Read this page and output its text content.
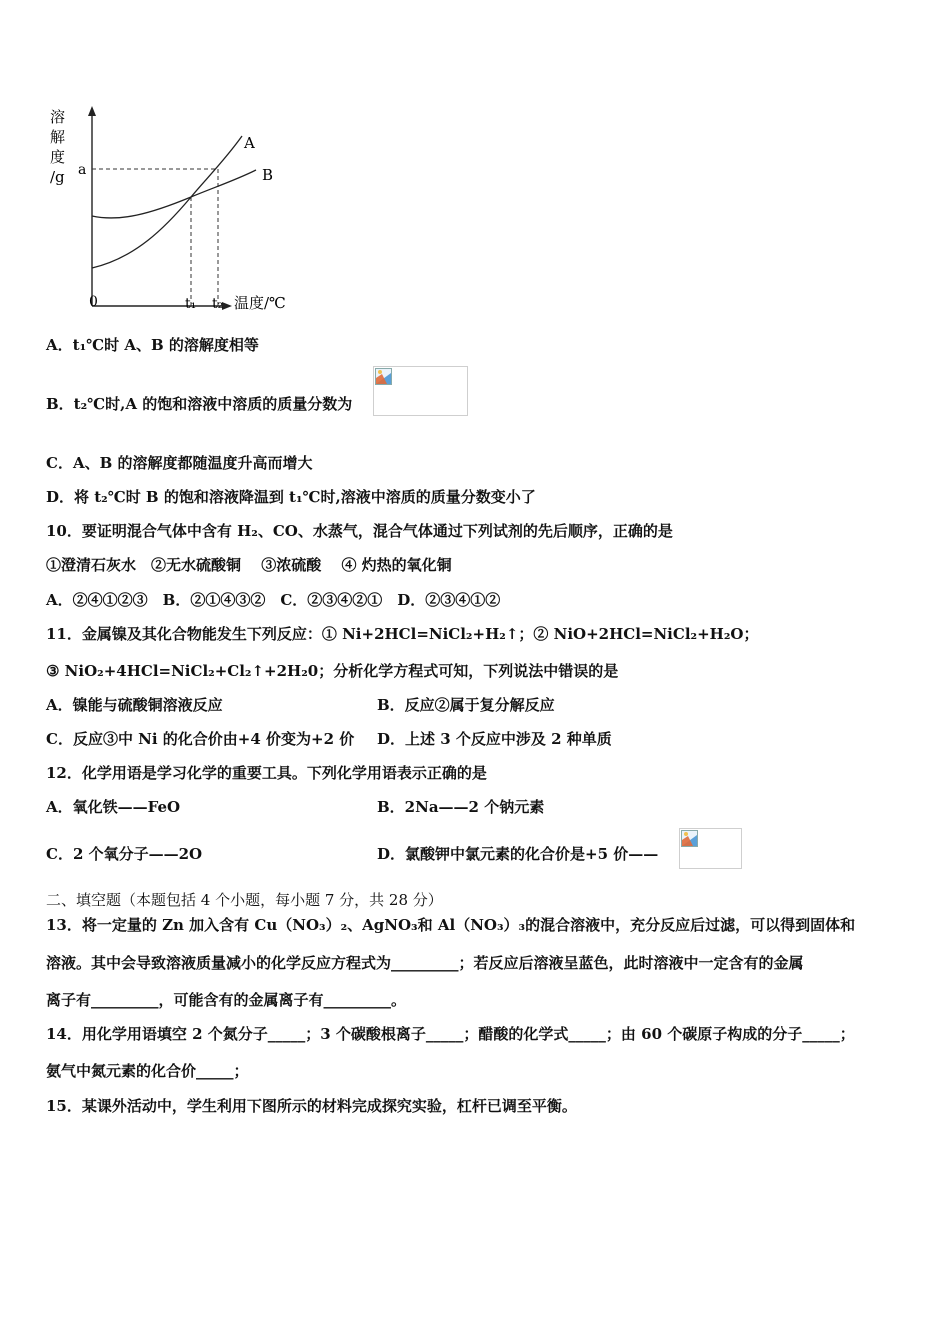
溶
解
度
/g a
A
B
0	t₁ t₂ 温度/℃
A．t₁℃时 A、B 的溶解度相等
B．t₂℃时,A 的饱和溶液中溶质的质量分数为
C．A、B 的溶解度都随温度升高而增大
D．将 t₂℃时 B 的饱和溶液降温到 t₁℃时,溶液中溶质的质量分数变小了
10．要证明混合气体中含有 H₂、CO、水蒸气，混合气体通过下列试剂的先后顺序，正确的是
①澄清石灰水　②无水硫酸铜　 ③浓硫酸　 ④ 灼热的氧化铜
A．②④①②③　B．②①④③②　C．②③④②①　D．②③④①②
11．金属镍及其化合物能发生下列反应：① Ni+2HCl=NiCl₂+H₂↑；② NiO+2HCl=NiCl₂+H₂O；
③ NiO₂+4HCl=NiCl₂+Cl₂↑+2H₂0；分析化学方程式可知，下列说法中错误的是
A．镍能与硫酸铜溶液反应	B．反应②属于复分解反应
C．反应③中 Ni 的化合价由+4 价变为+2 价 D．上述 3 个反应中涉及 2 种单质
12．化学用语是学习化学的重要工具。下列化学用语表示正确的是
A．氧化铁——FeO	B．2Na——2 个钠元素
C．2 个氧分子——2O	D．氯酸钾中氯元素的化合价是+5 价——
二、填空题（本题包括 4 个小题，每小题 7 分，共 28 分）
13．将一定量的 Zn 加入含有 Cu（NO₃）₂、AgNO₃和 Al（NO₃）₃的混合溶液中，充分反应后过滤，可以得到固体和
溶液。其中会导致溶液质量减小的化学反应方程式为_________；若反应后溶液呈蓝色，此时溶液中一定含有的金属
离子有_________，可能含有的金属离子有_________。
14．用化学用语填空 2 个氮分子_____；3 个碳酸根离子_____；醋酸的化学式_____；由 60 个碳原子构成的分子_____；
氨气中氮元素的化合价_____；
15．某课外活动中，学生利用下图所示的材料完成探究实验，杠杆已调至平衡。
